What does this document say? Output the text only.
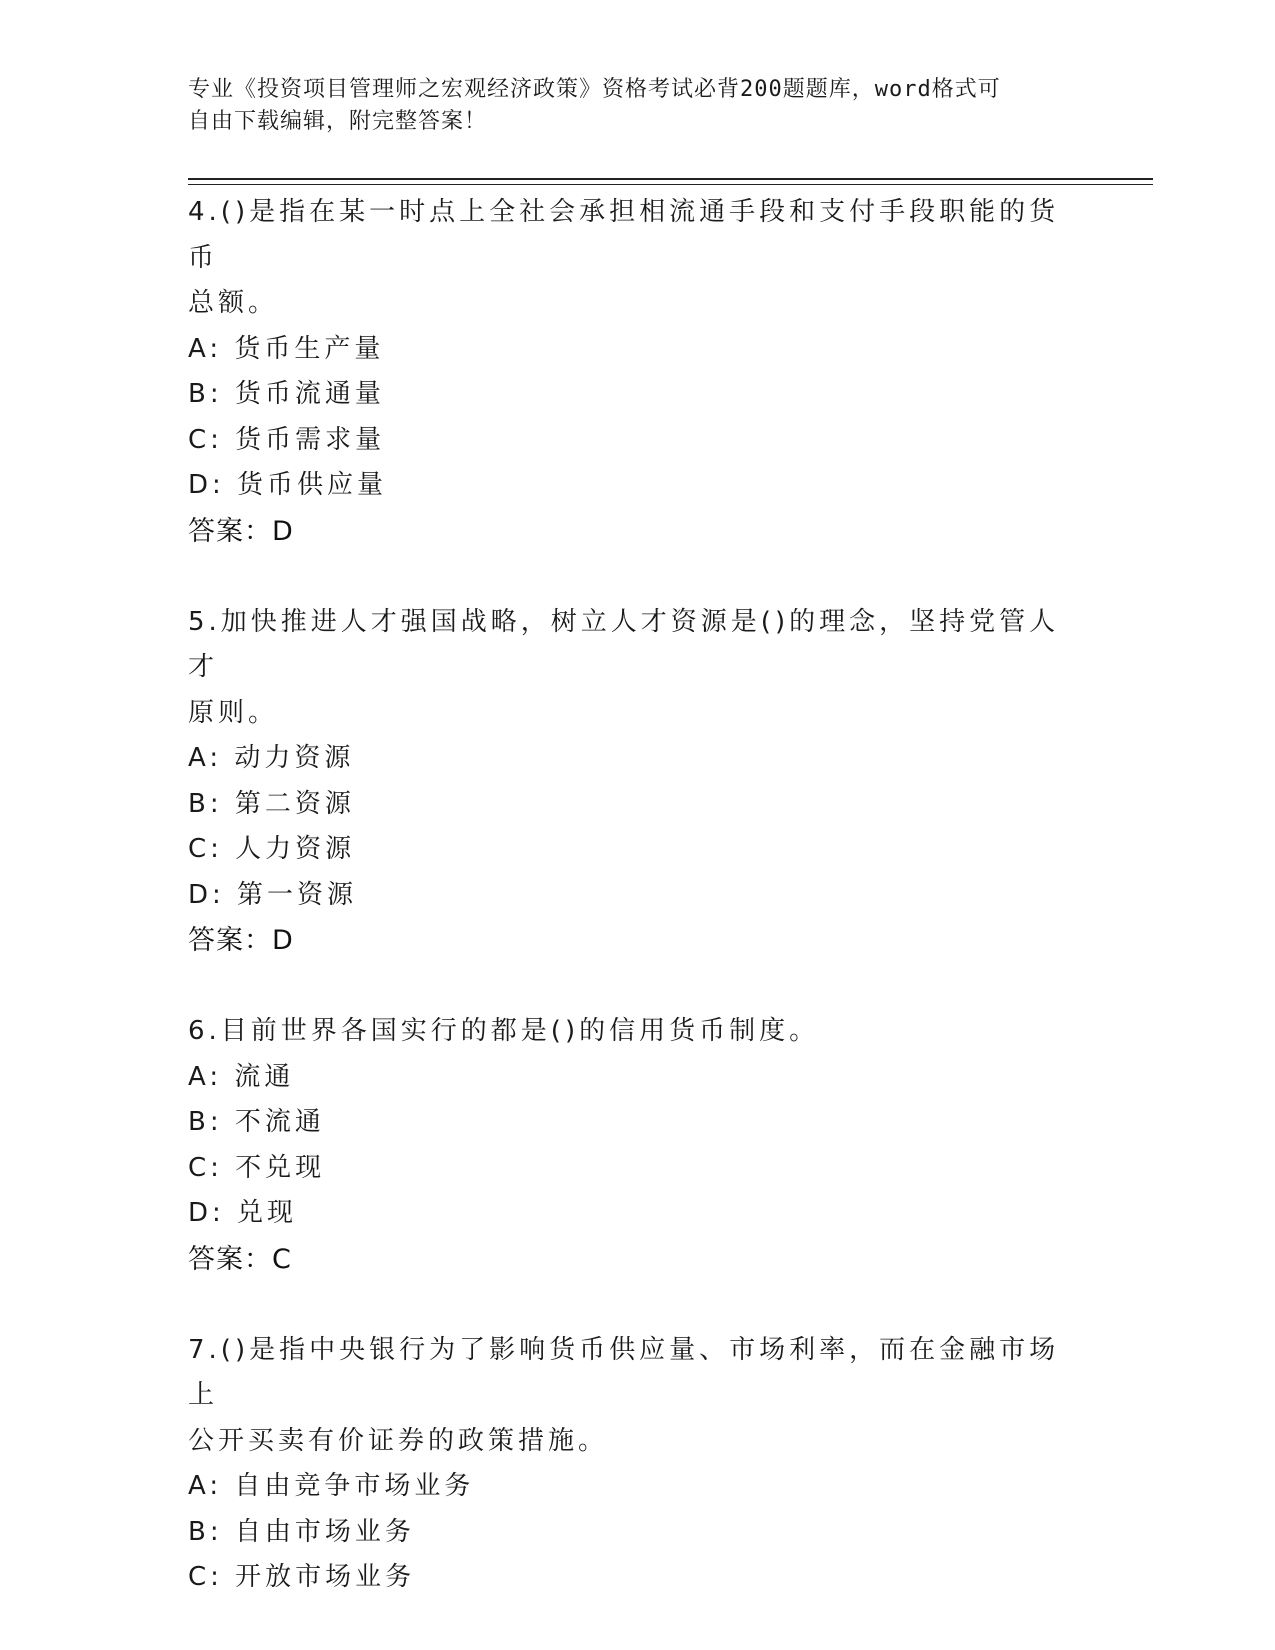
专业《投资项目管理师之宏观经济政策》资格考试必背200题题库，word格式可
自由下载编辑，附完整答案！
4.()是指在某一时点上全社会承担相流通手段和支付手段职能的货币
总额。
A: 货币生产量
B: 货币流通量
C: 货币需求量
D: 货币供应量
答案：D
5.加快推进人才强国战略，树立人才资源是()的理念，坚持党管人才
原则。
A: 动力资源
B: 第二资源
C: 人力资源
D: 第一资源
答案：D
6.目前世界各国实行的都是()的信用货币制度。
A: 流通
B: 不流通
C: 不兑现
D: 兑现
答案：C
7.()是指中央银行为了影响货币供应量、市场利率，而在金融市场上
公开买卖有价证券的政策措施。
A: 自由竞争市场业务
B: 自由市场业务
C: 开放市场业务
